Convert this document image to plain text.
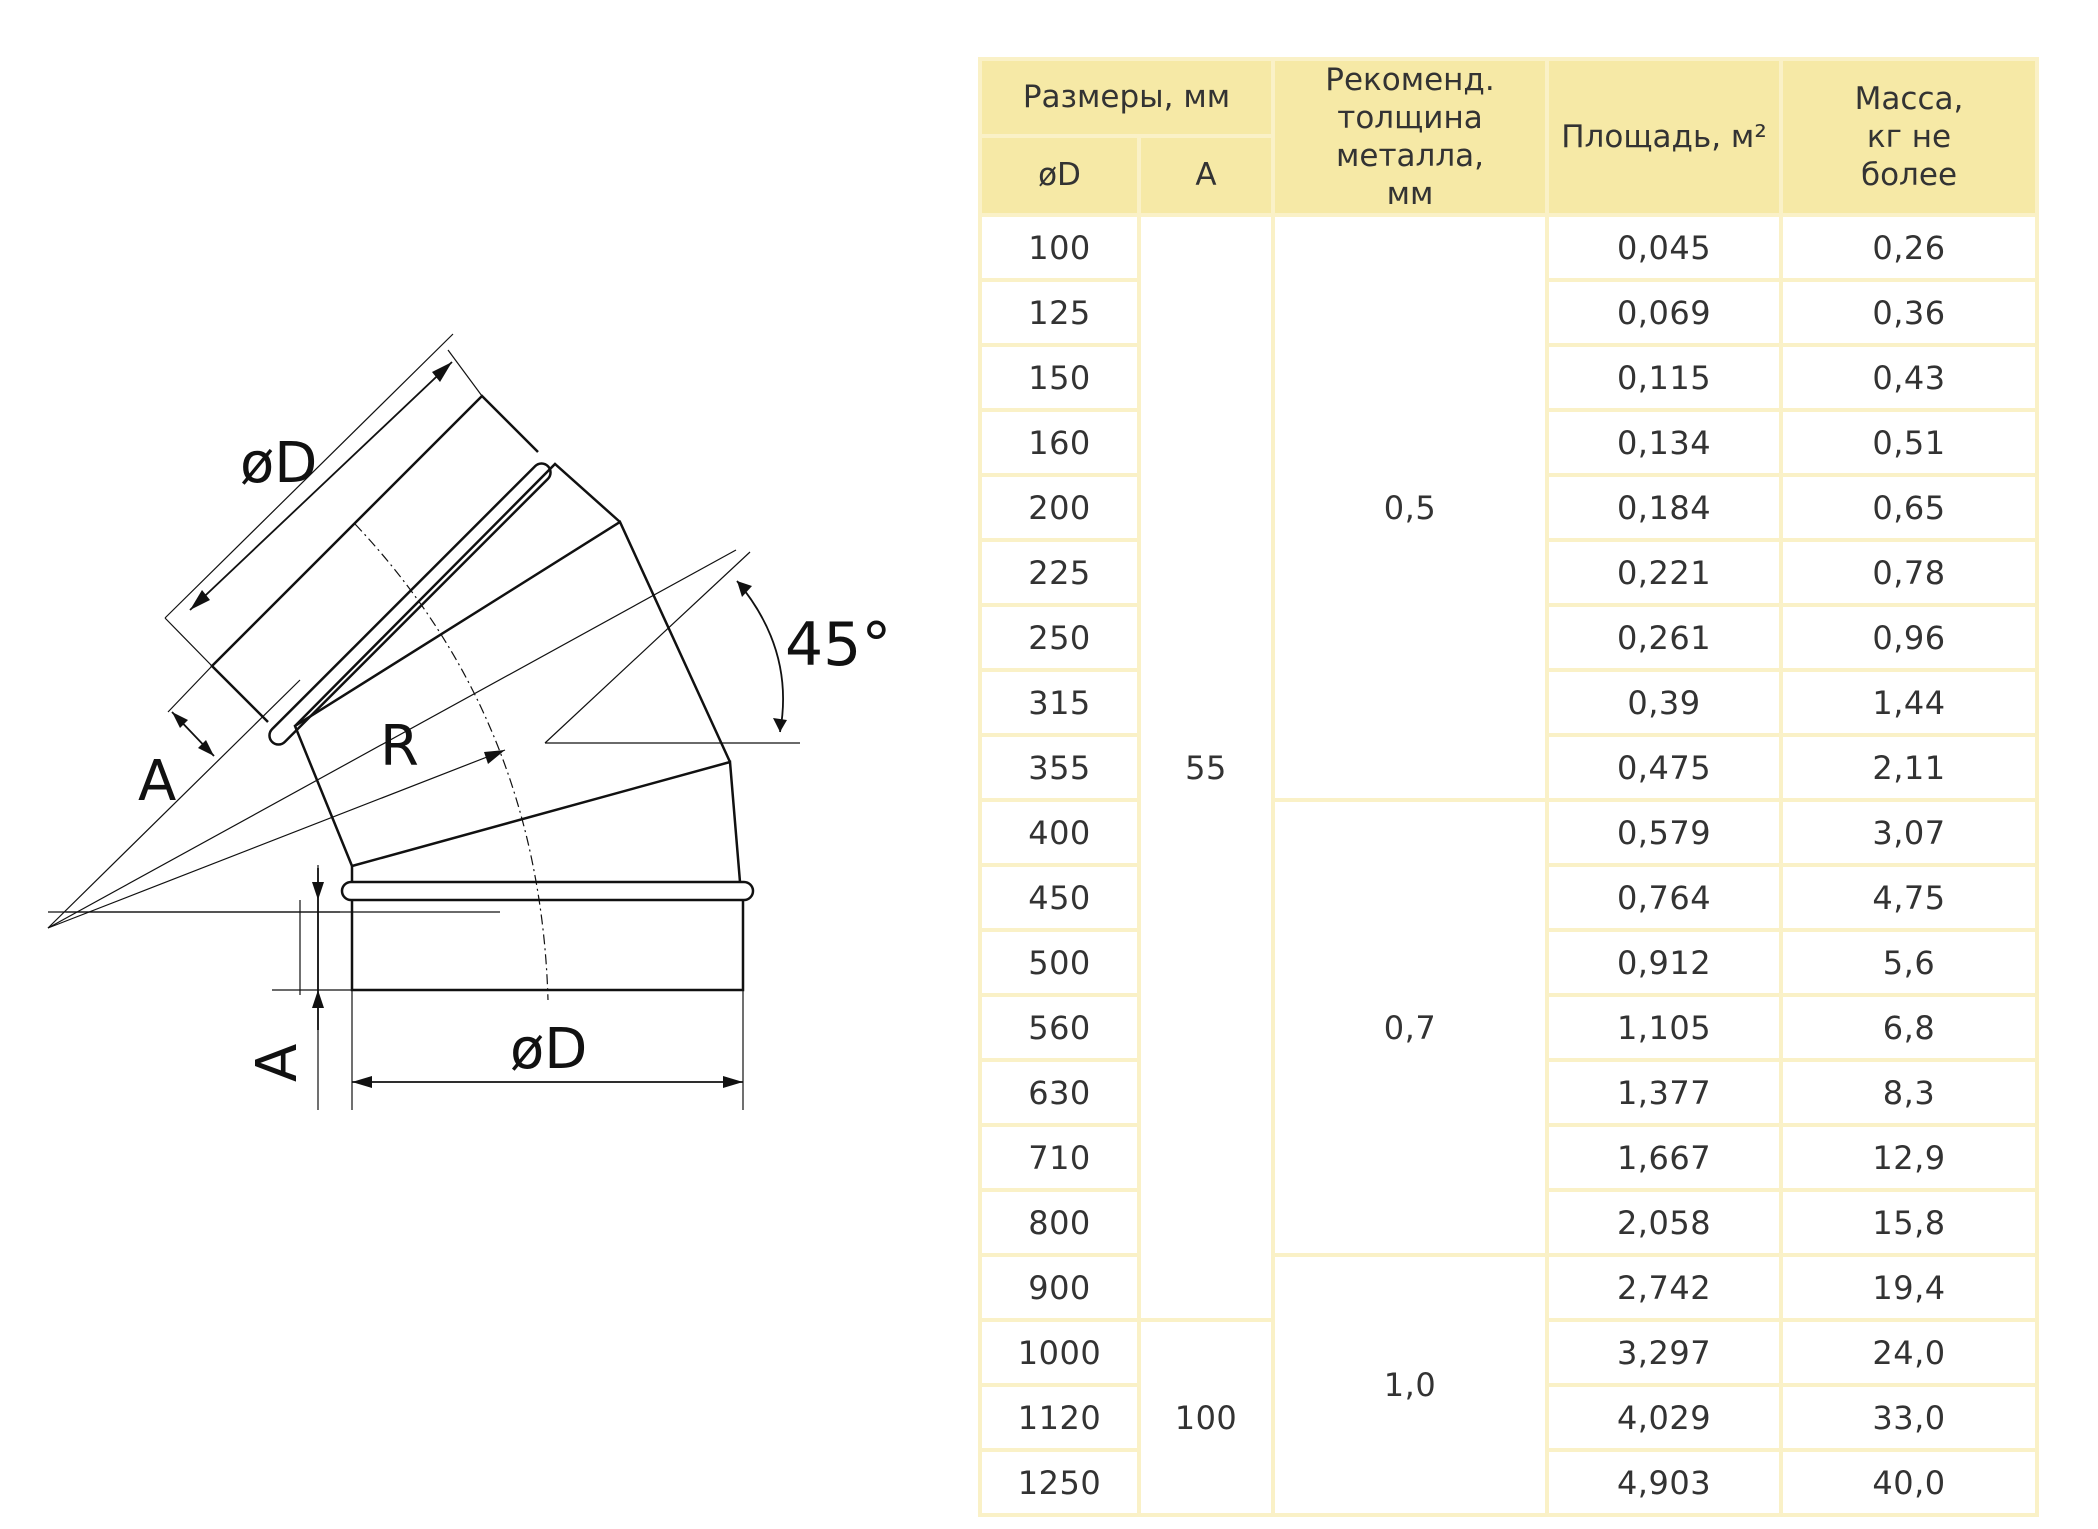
øD
A
R
45°
A	øD
Размеры, мм		Рекоменд. толщина металла, мм	Площадь, м²	Масса, кг не более
øD	A			
100	55	0,5	0,045	0,26
125			0,069	0,36
150			0,115	0,43
160			0,134	0,51
200			0,184	0,65
225			0,221	0,78
250			0,261	0,96
315			0,39	1,44
355			0,475	2,11
400		0,7	0,579	3,07
450			0,764	4,75
500			0,912	5,6
560			1,105	6,8
630			1,377	8,3
710			1,667	12,9
800			2,058	15,8
900		1,0	2,742	19,4
1000	100		3,297	24,0
1120			4,029	33,0
1250			4,903	40,0
